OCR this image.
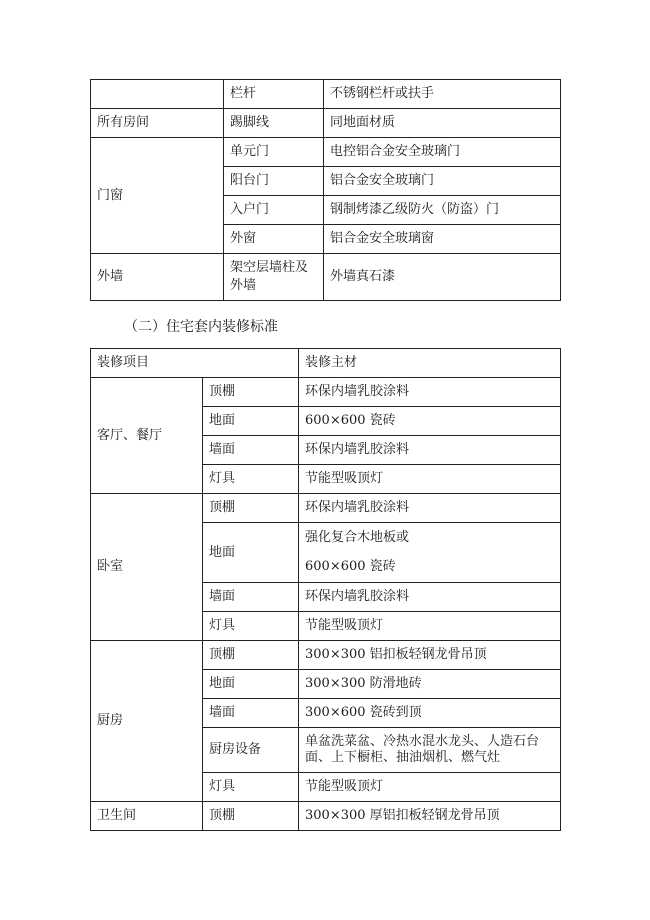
	栏杆	不锈钢栏杆或扶手
所有房间	踢脚线	同地面材质
门窗	单元门	电控铝合金安全玻璃门
	阳台门	铝合金安全玻璃门
	入户门	钢制烤漆乙级防火（防盗）门
	外窗	铝合金安全玻璃窗
外墙	架空层墙柱及外墙	外墙真石漆
（二）住宅套内装修标准
装修项目		装修主材
客厅、餐厅	顶棚	环保内墙乳胶涂料
	地面	600×600 瓷砖
	墙面	环保内墙乳胶涂料
	灯具	节能型吸顶灯
卧室	顶棚	环保内墙乳胶涂料
	地面	强化复合木地板或
		600×600 瓷砖
	墙面	环保内墙乳胶涂料
	灯具	节能型吸顶灯
厨房	顶棚	300×300 铝扣板轻钢龙骨吊顶
	地面	300×300 防滑地砖
	墙面	300×600 瓷砖到顶
	厨房设备	单盆洗菜盆、冷热水混水龙头、人造石台面、上下橱柜、抽油烟机、燃气灶
	灯具	节能型吸顶灯
卫生间	顶棚	300×300 厚铝扣板轻钢龙骨吊顶
